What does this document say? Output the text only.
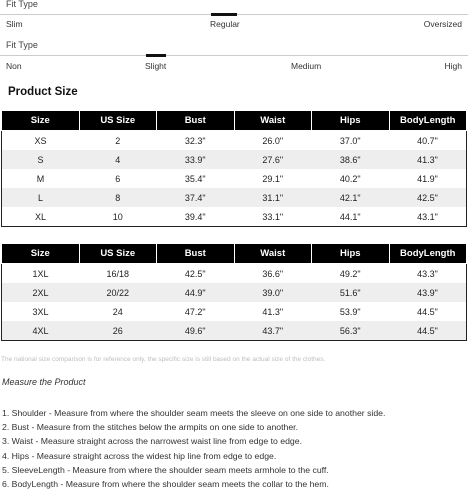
Fit Type
Slim	Regular	Oversized
Fit Type
Non	Slight	Medium	High
Product Size
Size	US Size	Bust	Waist	Hips	BodyLength
XS	2	32.3"	26.0"	37.0"	40.7"
S	4	33.9"	27.6"	38.6"	41.3"
M	6	35.4"	29.1"	40.2"	41.9"
L	8	37.4"	31.1"	42.1"	42.5"
XL	10	39.4"	33.1"	44.1"	43.1"
Size	US Size	Bust	Waist	Hips	BodyLength
1XL	16/18	42.5"	36.6"	49.2"	43.3"
2XL	20/22	44.9"	39.0"	51.6"	43.9"
3XL	24	47.2"	41.3"	53.9"	44.5"
4XL	26	49.6"	43.7"	56.3"	44.5"
The national size comparison is for reference only, the specific size is still based on the actual size of the clothes.
Measure the Product
1. Shoulder - Measure from where the shoulder seam meets the sleeve on one side to another side.
2. Bust - Measure from the stitches below the armpits on one side to another.
3. Waist - Measure straight across the narrowest waist line from edge to edge.
4. Hips - Measure straight across the widest hip line from edge to edge.
5. SleeveLength - Measure from where the shoulder seam meets armhole to the cuff.
6. BodyLength - Measure from where the shoulder seam meets the collar to the hem.
